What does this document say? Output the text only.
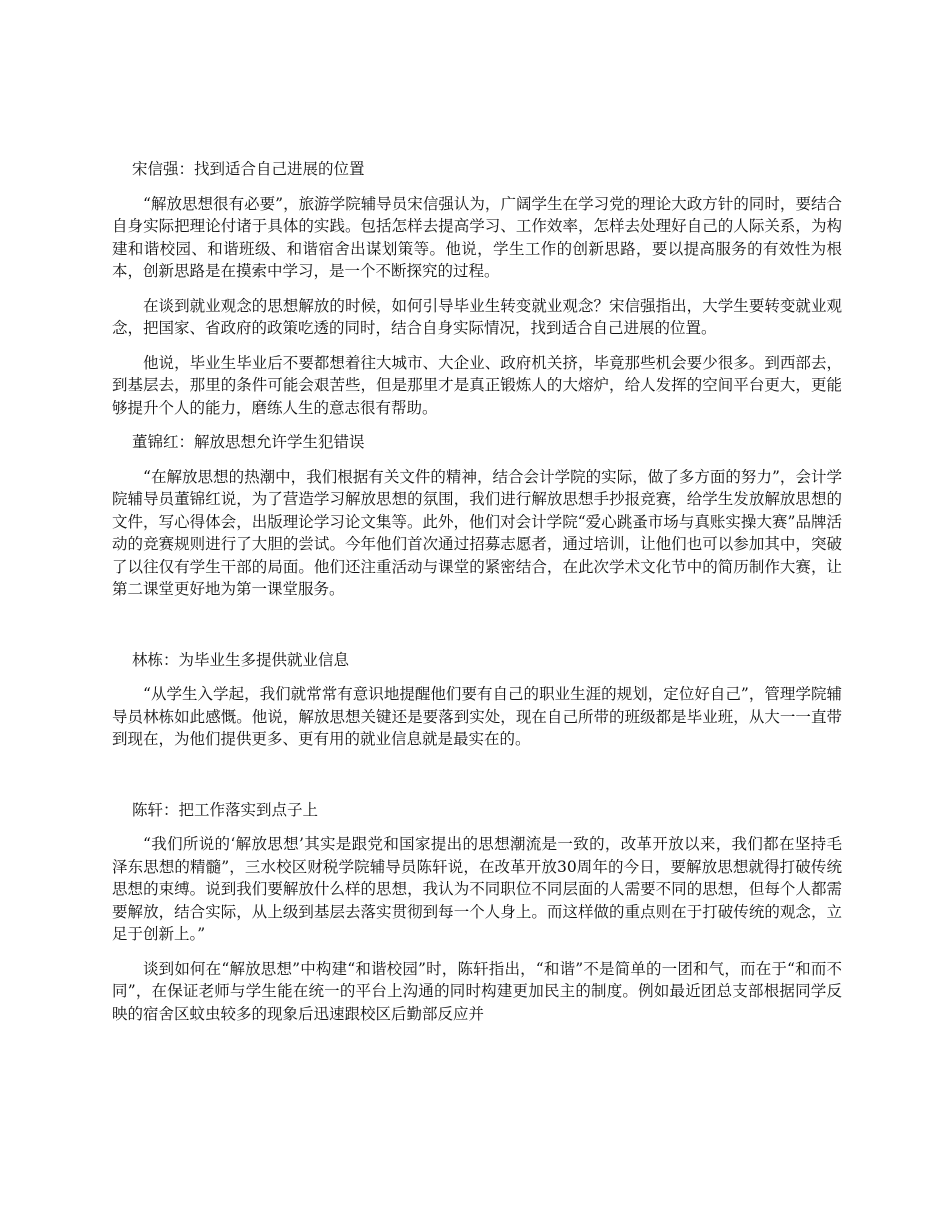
宋信强：找到适合自己进展的位置

“解放思想很有必要”，旅游学院辅导员宋信强认为，广阔学生在学习党的理论大政方针的同时，要结合自身实际把理论付诸于具体的实践。包括怎样去提高学习、工作效率，怎样去处理好自己的人际关系，为构建和谐校园、和谐班级、和谐宿舍出谋划策等。他说，学生工作的创新思路，要以提高服务的有效性为根本，创新思路是在摸索中学习，是一个不断探究的过程。

在谈到就业观念的思想解放的时候，如何引导毕业生转变就业观念？宋信强指出，大学生要转变就业观念，把国家、省政府的政策吃透的同时，结合自身实际情况，找到适合自己进展的位置。

他说，毕业生毕业后不要都想着往大城市、大企业、政府机关挤，毕竟那些机会要少很多。到西部去，到基层去，那里的条件可能会艰苦些，但是那里才是真正锻炼人的大熔炉，给人发挥的空间平台更大，更能够提升个人的能力，磨练人生的意志很有帮助。

董锦红：解放思想允许学生犯错误

“在解放思想的热潮中，我们根据有关文件的精神，结合会计学院的实际，做了多方面的努力”，会计学院辅导员董锦红说，为了营造学习解放思想的氛围，我们进行解放思想手抄报竞赛，给学生发放解放思想的文件，写心得体会，出版理论学习论文集等。此外，他们对会计学院“爱心跳蚤市场与真账实操大赛”品牌活动的竞赛规则进行了大胆的尝试。今年他们首次通过招募志愿者，通过培训，让他们也可以参加其中，突破了以往仅有学生干部的局面。他们还注重活动与课堂的紧密结合，在此次学术文化节中的简历制作大赛，让第二课堂更好地为第一课堂服务。

林栋：为毕业生多提供就业信息

“从学生入学起，我们就常常有意识地提醒他们要有自己的职业生涯的规划，定位好自己”，管理学院辅导员林栋如此感慨。他说，解放思想关键还是要落到实处，现在自己所带的班级都是毕业班，从大一一直带到现在，为他们提供更多、更有用的就业信息就是最实在的。

陈轩：把工作落实到点子上

“我们所说的‘解放思想’其实是跟党和国家提出的思想潮流是一致的，改革开放以来，我们都在坚持毛泽东思想的精髓”，三水校区财税学院辅导员陈轩说，在改革开放30周年的今日，要解放思想就得打破传统思想的束缚。说到我们要解放什么样的思想，我认为不同职位不同层面的人需要不同的思想，但每个人都需要解放，结合实际，从上级到基层去落实贯彻到每一个人身上。而这样做的重点则在于打破传统的观念，立足于创新上。”

谈到如何在“解放思想”中构建“和谐校园”时，陈轩指出，“和谐”不是简单的一团和气，而在于“和而不同”，在保证老师与学生能在统一的平台上沟通的同时构建更加民主的制度。例如最近团总支部根据同学反映的宿舍区蚊虫较多的现象后迅速跟校区后勤部反应并
